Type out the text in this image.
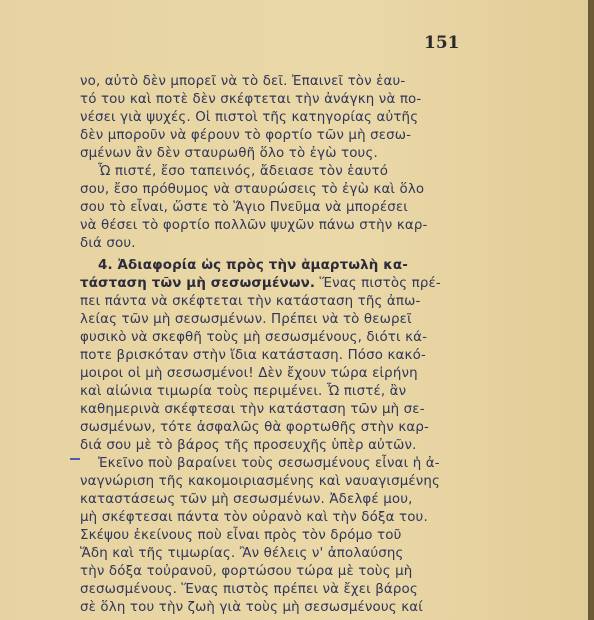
151
νο, αὐτὸ δὲν μπορεῖ νὰ τὸ δεῖ. Ἐπαινεῖ τὸν ἑαυ-
τό του καὶ ποτὲ δὲν σκέφτεται τὴν ἀνάγκη νὰ πο-
νέσει γιὰ ψυχές. Οἱ πιστοὶ τῆς κατηγορίας αὐτῆς
δὲν μποροῦν νὰ φέρουν τὸ φορτίο τῶν μὴ σεσω-
σμένων ἂν δὲν σταυρωθῆ ὅλο τὸ ἐγὼ τους.
Ὦ πιστέ, ἔσο ταπεινός, ἄδειασε τὸν ἑαυτό
σου, ἔσο πρόθυμος νὰ σταυρώσεις τὸ ἐγὼ καὶ ὅλο
σου τὸ εἶναι, ὥστε τὸ Ἅγιο Πνεῦμα νὰ μπορέσει
νὰ θέσει τὸ φορτίο πολλῶν ψυχῶν πάνω στὴν καρ-
διά σου.
4. Ἀδιαφορία ὡς πρὸς τὴν ἁμαρτωλὴ κα-
τάσταση τῶν μὴ σεσωσμένων. Ἕνας πιστὸς πρέ-
πει πάντα νὰ σκέφτεται τὴν κατάσταση τῆς ἀπω-
λείας τῶν μὴ σεσωσμένων. Πρέπει νὰ τὸ θεωρεῖ
φυσικὸ νὰ σκεφθῆ τοὺς μὴ σεσωσμένους, διότι κά-
ποτε βρισκόταν στὴν ἴδια κατάσταση. Πόσο κακό-
μοιροι οἱ μὴ σεσωσμένοι! Δὲν ἔχουν τώρα εἰρήνη
καὶ αἰώνια τιμωρία τοὺς περιμένει. Ὦ πιστέ, ἂν
καθημερινὰ σκέφτεσαι τὴν κατάσταση τῶν μὴ σε-
σωσμένων, τότε ἀσφαλῶς θὰ φορτωθῆς στὴν καρ-
διά σου μὲ τὸ βάρος τῆς προσευχῆς ὑπὲρ αὐτῶν.
Ἐκεῖνο ποὺ βαραίνει τοὺς σεσωσμένους εἶναι ἡ ἀ-
ναγνώριση τῆς κακομοιριασμένης καὶ ναυαγισμένης
καταστάσεως τῶν μὴ σεσωσμένων. Ἀδελφέ μου,
μὴ σκέφτεσαι πάντα τὸν οὐρανὸ καὶ τὴν δόξα του.
Σκέψου ἐκείνους ποὺ εἶναι πρὸς τὸν δρόμο τοῦ
Ἅδη καὶ τῆς τιμωρίας. Ἂν θέλεις ν' ἀπολαύσης
τὴν δόξα τοὐρανοῦ, φορτώσου τώρα μὲ τοὺς μὴ
σεσωσμένους. Ἕνας πιστὸς πρέπει νὰ ἔχει βάρος
σὲ ὅλη του τὴν ζωὴ γιὰ τοὺς μὴ σεσωσμένους καί
